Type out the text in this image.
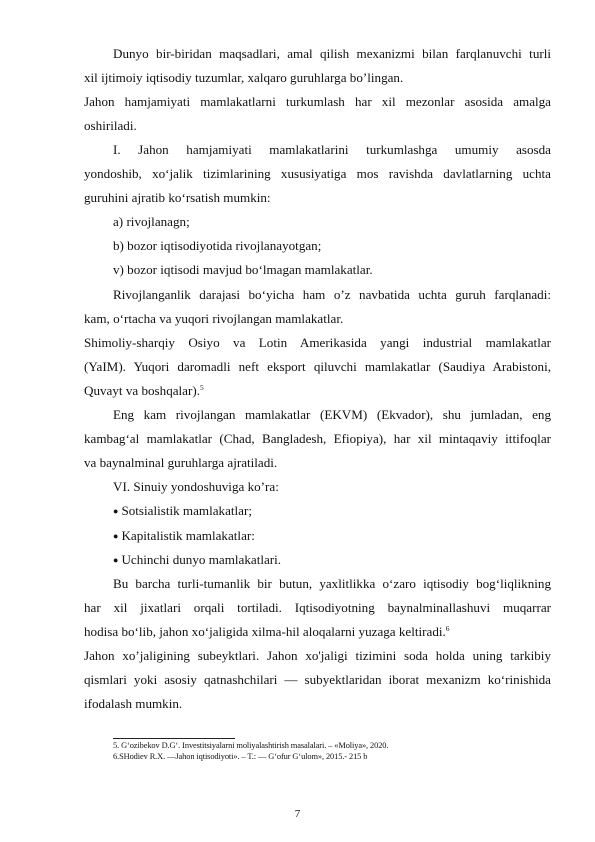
Dunyo bir-biridan maqsadlari, amal qilish mexanizmi bilan farqlanuvchi turli
xil ijtimoiy iqtisodiy tuzumlar, xalqaro guruhlarga bo’lingan.
Jahon hamjamiyati mamlakatlarni turkumlash har xil mezonlar asosida amalga
oshiriladi.
I. Jahon hamjamiyati mamlakatlarini turkumlashga umumiy asosda
yondoshib, xo‘jalik tizimlarining xususiyatiga mos ravishda davlatlarning uchta
guruhini ajratib ko‘rsatish mumkin:
a) rivojlanagn;
b) bozor iqtisodiyotida rivojlanayotgan;
v) bozor iqtisodi mavjud bo‘lmagan mamlakatlar.
Rivojlanganlik darajasi bo‘yicha ham o’z navbatida uchta guruh farqlanadi:
kam, o‘rtacha va yuqori rivojlangan mamlakatlar.
Shimoliy-sharqiy Osiyo va Lotin Amerikasida yangi industrial mamlakatlar
(YaIM). Yuqori daromadli neft eksport qiluvchi mamlakatlar (Saudiya Arabistoni,
Quvayt va boshqalar).$^5$
Eng kam rivojlangan mamlakatlar (EKVM) (Ekvador), shu jumladan, eng
kambag‘al mamlakatlar (Chad, Bangladesh, Efiopiya), har xil mintaqaviy ittifoqlar
va baynalminal guruhlarga ajratiladi.
VI. Sinuiy yondoshuviga ko’ra:
● Sotsialistik mamlakatlar;
● Kapitalistik mamlakatlar:
● Uchinchi dunyo mamlakatlari.
Bu barcha turli-tumanlik bir butun, yaxlitlikka o‘zaro iqtisodiy bog‘liqlikning
har xil jixatlari orqali tortiladi. Iqtisodiyotning baynalminallashuvi muqarrar
hodisa bo‘lib, jahon xo‘jaligida xilma-hil aloqalarni yuzaga keltiradi.$^6$
Jahon xo’jaligining subeyktlari. Jahon xo'jaligi tizimini soda holda uning tarkibiy
qismlari yoki asosiy qatnashchilari — subyektlaridan iborat mexanizm ko‘rinishida
ifodalash mumkin.
5. G‘ozibekov D.G‘. Investitsiyalarni moliyalashtirish masalalari. – «Moliya», 2020.
6.SHodiev R.X. —Jahon iqtisodiyoti». – T.: — G‘ofur G‘ulom», 2015.- 215 b
7
